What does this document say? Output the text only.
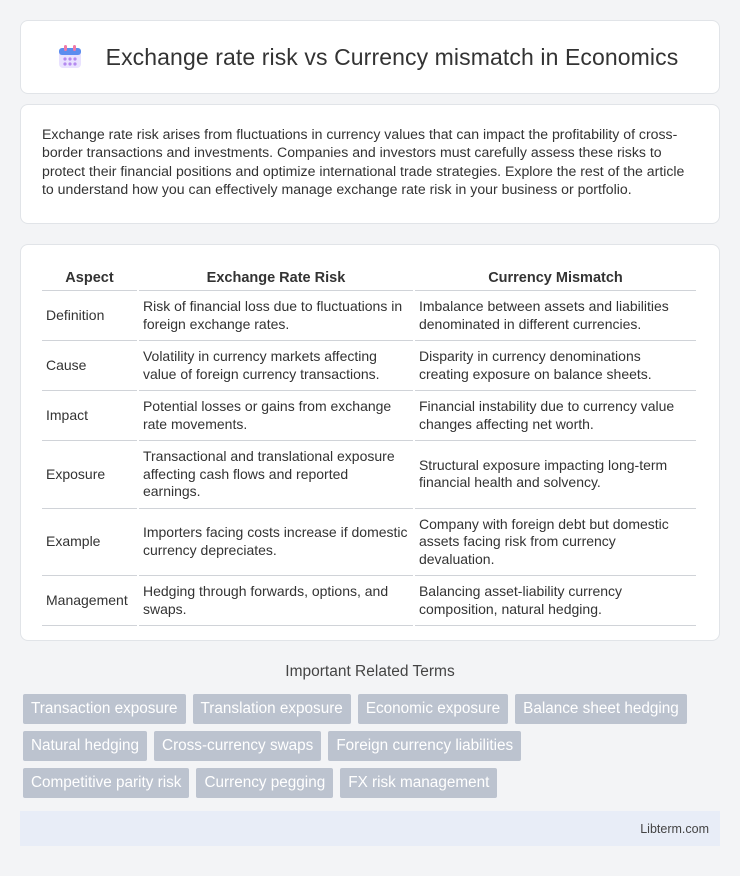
Exchange rate risk vs Currency mismatch in Economics

Exchange rate risk arises from fluctuations in currency values that can impact the profitability of cross-border transactions and investments. Companies and investors must carefully assess these risks to protect their financial positions and optimize international trade strategies. Explore the rest of the article to understand how you can effectively manage exchange rate risk in your business or portfolio.

Aspect	Exchange Rate Risk	Currency Mismatch
Definition	Risk of financial loss due to fluctuations in foreign exchange rates.	Imbalance between assets and liabilities denominated in different currencies.
Cause	Volatility in currency markets affecting value of foreign currency transactions.	Disparity in currency denominations creating exposure on balance sheets.
Impact	Potential losses or gains from exchange rate movements.	Financial instability due to currency value changes affecting net worth.
Exposure	Transactional and translational exposure affecting cash flows and reported earnings.	Structural exposure impacting long-term financial health and solvency.
Example	Importers facing costs increase if domestic currency depreciates.	Company with foreign debt but domestic assets facing risk from currency devaluation.
Management	Hedging through forwards, options, and swaps.	Balancing asset-liability currency composition, natural hedging.
Important Related Terms
Transaction exposure	Translation exposure	Economic exposure	Balance sheet hedging
Natural hedging	Cross-currency swaps	Foreign currency liabilities
Competitive parity risk	Currency pegging	FX risk management
Libterm.com
